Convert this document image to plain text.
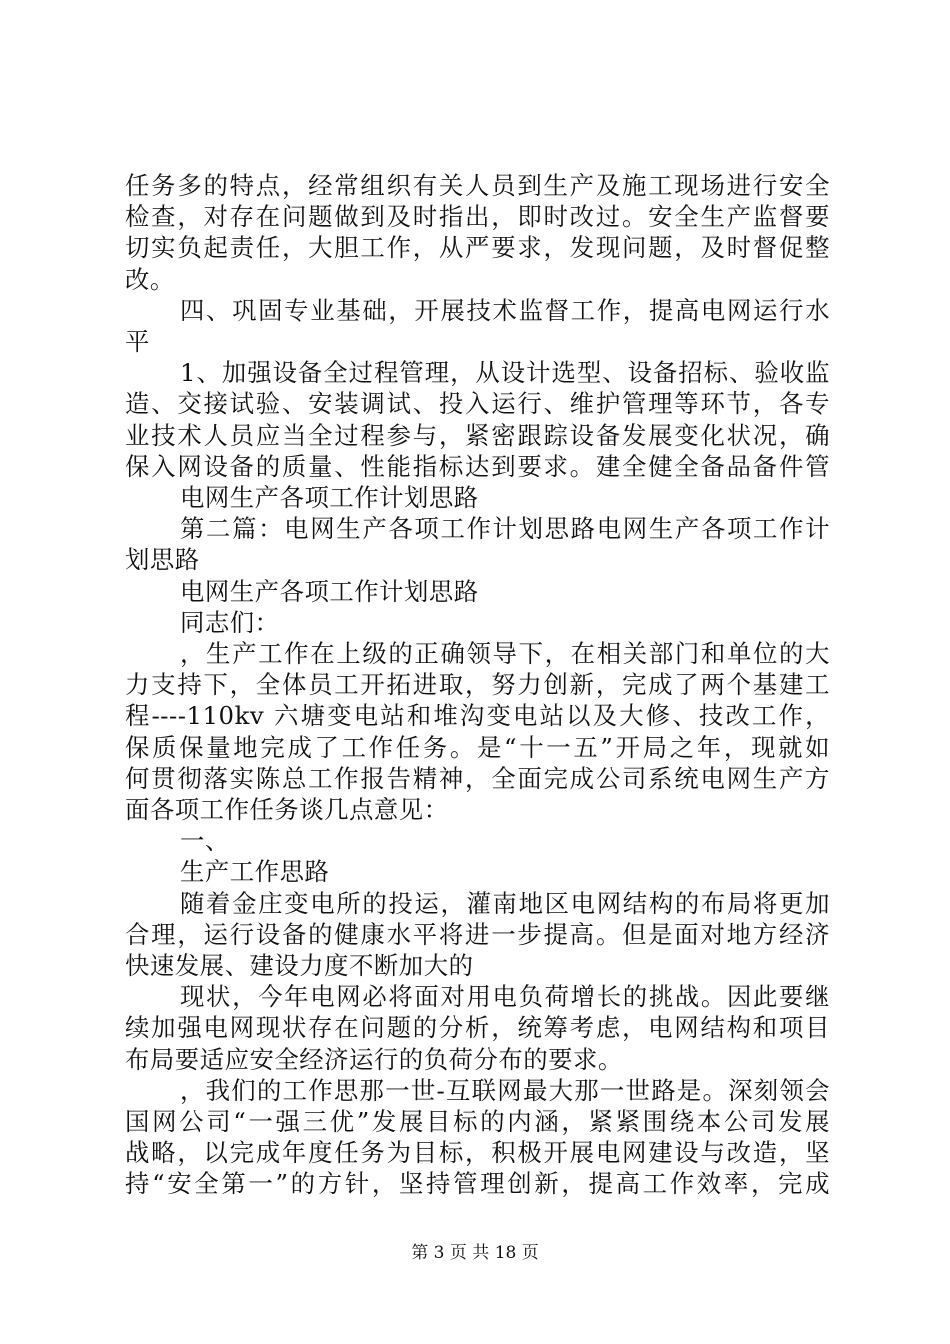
任务多的特点，经常组织有关人员到生产及施工现场进行安全
检查，对存在问题做到及时指出，即时改过。安全生产监督要
切实负起责任，大胆工作，从严要求，发现问题，及时督促整
改。
四、巩固专业基础，开展技术监督工作，提高电网运行水
平
1、加强设备全过程管理，从设计选型、设备招标、验收监
造、交接试验、安装调试、投入运行、维护管理等环节，各专
业技术人员应当全过程参与，紧密跟踪设备发展变化状况，确
保入网设备的质量、性能指标达到要求。建全健全备品备件管
电网生产各项工作计划思路
第二篇：电网生产各项工作计划思路电网生产各项工作计
划思路
电网生产各项工作计划思路
同志们：
，生产工作在上级的正确领导下，在相关部门和单位的大
力支持下，全体员工开拓进取，努力创新，完成了两个基建工
程----110kv 六塘变电站和堆沟变电站以及大修、技改工作，
保质保量地完成了工作任务。是“十一五”开局之年，现就如
何贯彻落实陈总工作报告精神，全面完成公司系统电网生产方
面各项工作任务谈几点意见：
一、
生产工作思路
随着金庄变电所的投运，灌南地区电网结构的布局将更加
合理，运行设备的健康水平将进一步提高。但是面对地方经济
快速发展、建设力度不断加大的
现状，今年电网必将面对用电负荷增长的挑战。因此要继
续加强电网现状存在问题的分析，统筹考虑，电网结构和项目
第 3 页 共 18 页
布局要适应安全经济运行的负荷分布的要求。
，我们的工作思那一世-互联网最大那一世路是。深刻领会
国网公司“一强三优”发展目标的内涵，紧紧围绕本公司发展
战略，以完成年度任务为目标，积极开展电网建设与改造，坚
持“安全第一”的方针，坚持管理创新，提高工作效率，完成
